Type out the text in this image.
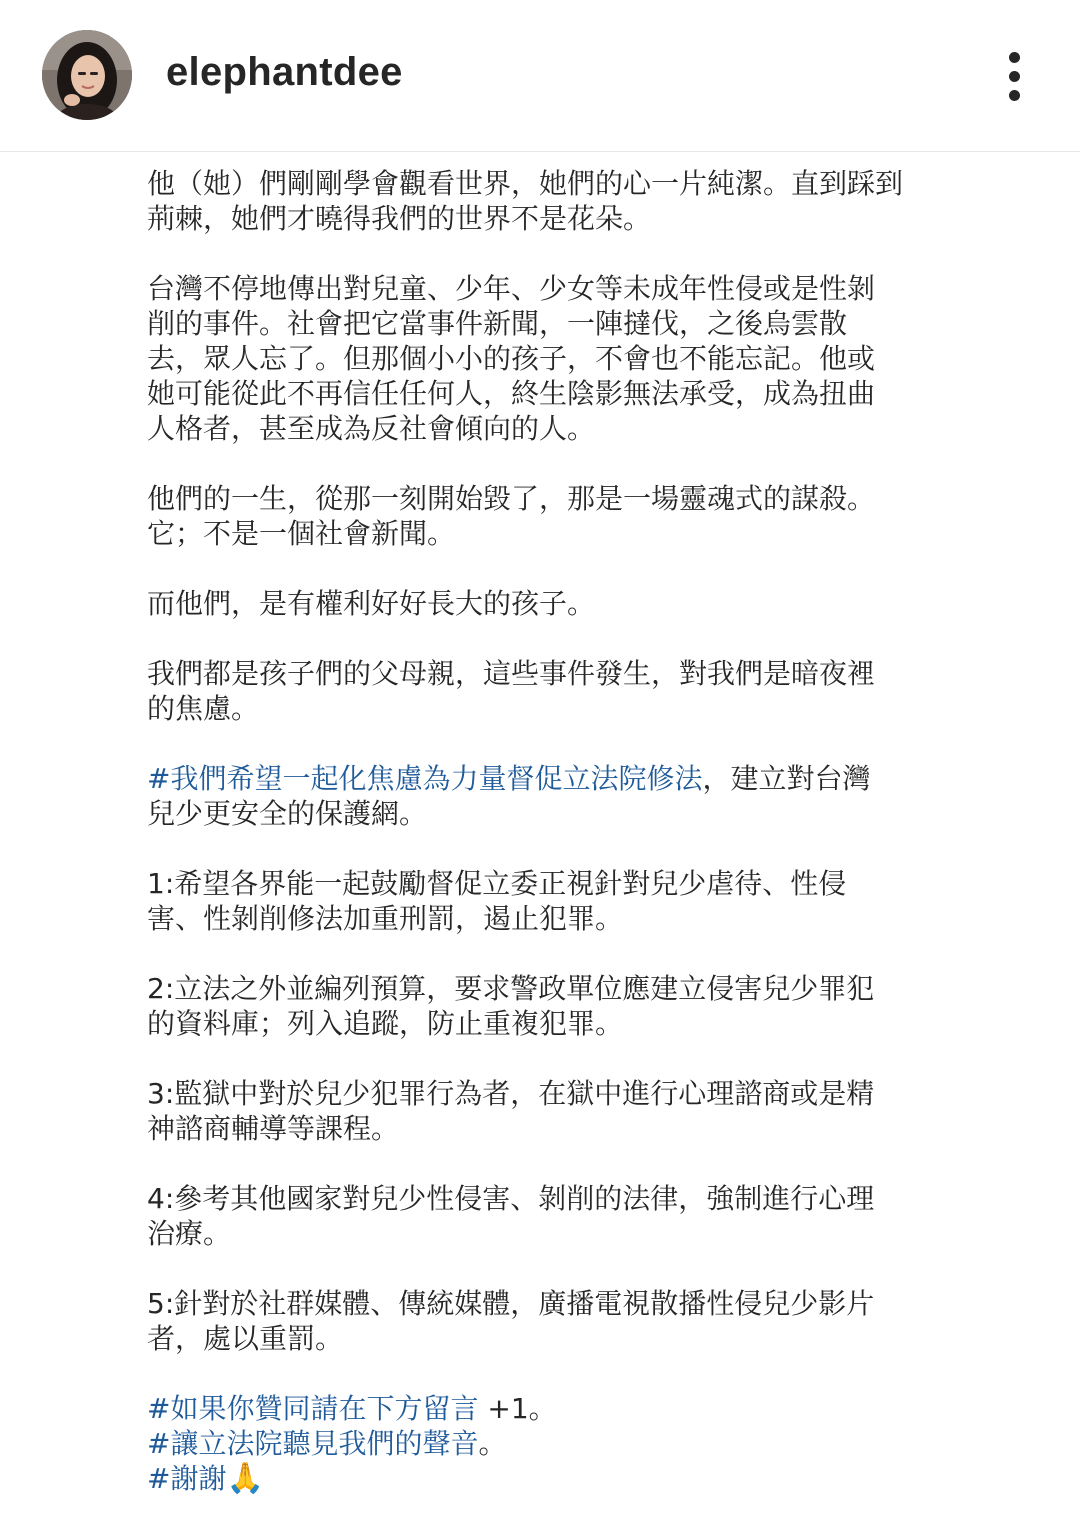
elephantdee

他（她）們剛剛學會觀看世界，她們的心一片純潔。直到踩到
荊棘，她們才曉得我們的世界不是花朵。

台灣不停地傳出對兒童、少年、少女等未成年性侵或是性剝
削的事件。社會把它當事件新聞，一陣撻伐，之後烏雲散
去，眾人忘了。但那個小小的孩子，不會也不能忘記。他或
她可能從此不再信任任何人，終生陰影無法承受，成為扭曲
人格者，甚至成為反社會傾向的人。

他們的一生，從那一刻開始毀了，那是一場靈魂式的謀殺。
它；不是一個社會新聞。

而他們，是有權利好好長大的孩子。

我們都是孩子們的父母親，這些事件發生，對我們是暗夜裡
的焦慮。

#我們希望一起化焦慮為力量督促立法院修法，建立對台灣
兒少更安全的保護網。

1:希望各界能一起鼓勵督促立委正視針對兒少虐待、性侵
害、性剝削修法加重刑罰，遏止犯罪。

2:立法之外並編列預算，要求警政單位應建立侵害兒少罪犯
的資料庫；列入追蹤，防止重複犯罪。

3:監獄中對於兒少犯罪行為者，在獄中進行心理諮商或是精
神諮商輔導等課程。

4:參考其他國家對兒少性侵害、剝削的法律，強制進行心理
治療。

5:針對於社群媒體、傳統媒體，廣播電視散播性侵兒少影片
者，處以重罰。

#如果你贊同請在下方留言 +1。
#讓立法院聽見我們的聲音。
#謝謝🙏
